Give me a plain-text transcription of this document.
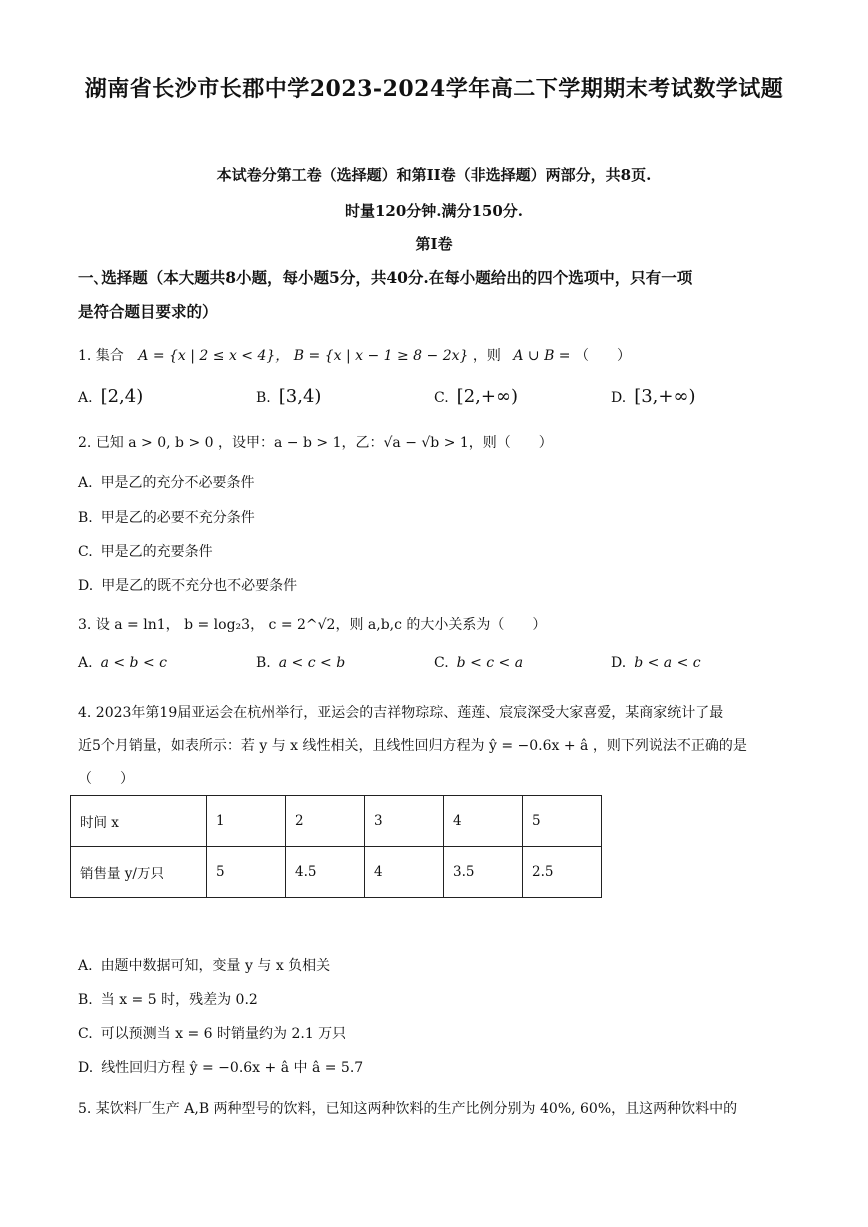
湖南省长沙市长郡中学2023-2024学年高二下学期期末考试数学试题
本试卷分第工卷（选择题）和第II卷（非选择题）两部分，共8页.
时量120分钟.满分150分.
第I卷
一､选择题（本大题共8小题，每小题5分，共40分.在每小题给出的四个选项中，只有一项
是符合题目要求的）
1. 集合 A = {x | 2 ≤ x < 4}， B = {x | x − 1 ≥ 8 − 2x} ，则 A ∪ B = （　　）
A. [2,4)	B. [3,4)	C. [2,+∞)	D. [3,+∞)
2. 已知 a > 0, b > 0 ，设甲：a − b > 1，乙：√a − √b > 1，则（　　）
A. 甲是乙的充分不必要条件
B. 甲是乙的必要不充分条件
C. 甲是乙的充要条件
D. 甲是乙的既不充分也不必要条件
3. 设 a = ln1， b = log₂3， c = 2^√2，则 a,b,c 的大小关系为（　　）
A. a < b < c	B. a < c < b	C. b < c < a	D. b < a < c
4. 2023年第19届亚运会在杭州举行，亚运会的吉祥物琮琮、莲莲、宸宸深受大家喜爱，某商家统计了最
近5个月销量，如表所示：若 y 与 x 线性相关，且线性回归方程为 ŷ = −0.6x + â ，则下列说法不正确的是
（　　）
时间 x	1	2	3	4	5
销售量 y/万只	5	4.5	4	3.5	2.5
A. 由题中数据可知，变量 y 与 x 负相关
B. 当 x = 5 时，残差为 0.2
C. 可以预测当 x = 6 时销量约为 2.1 万只
D. 线性回归方程 ŷ = −0.6x + â 中 â = 5.7
5. 某饮料厂生产 A,B 两种型号的饮料，已知这两种饮料的生产比例分别为 40%, 60%，且这两种饮料中的
